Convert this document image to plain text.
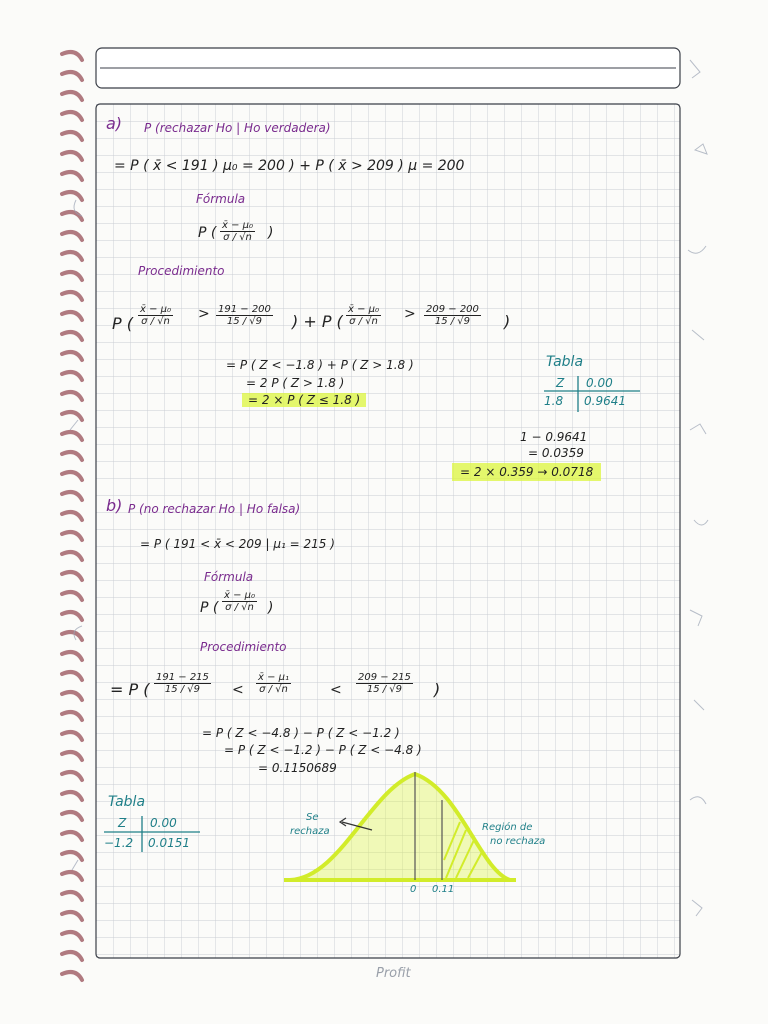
a) P (rechazar Ho | Ho verdadera)
= P ( x̄ < 191 ) μ₀ = 200 ) + P ( x̄ > 209 ) μ = 200
Fórmula
P ( $\frac{\text{x̄ − μ₀}}{\sigma / √n}$ )
Procedimiento
P ( $\frac{\text{x̄ − μ₀}}{\sigma / √n} > \frac{191 - 200}{15 / √9}$ ) + P ( $\frac{\text{x̄ − μ₀}}{\sigma / √n} > \frac{209 - 200}{15 / √9}$ )
= P ( Z < −1.8 ) + P ( Z > 1.8 )
= 2 P ( Z > 1.8 )
= 2 × P ( Z ≤ 1.8 )
Tabla
Z 0.00
1.8 0.9641
1 − 0.9641
= 0.0359
= 2 × 0.359 → 0.0718
b) P (no rechazar Ho | Ho falsa)
= P ( 191 < x̄ < 209 | μ₁ = 215 )
Fórmula
P ( $\frac{\text{x̄ − μ₀}}{\sigma / √n}$ )
Procedimiento
= P ( $\frac{191 - 215}{15 / √9} < \frac{\text{x̄ − μ₁}}{\sigma / √n}$	< $\frac{209 - 215}{15 / √9}$ )
= P ( Z < −4.8 ) − P ( Z < −1.2 )
= P ( Z < −1.2 ) − P ( Z < −4.8 )
= 0.1150689
Tabla
Z 0.00
−1.2 0.0151
Se
rechaza	Región de
no rechaza
0 0.11
Profit
